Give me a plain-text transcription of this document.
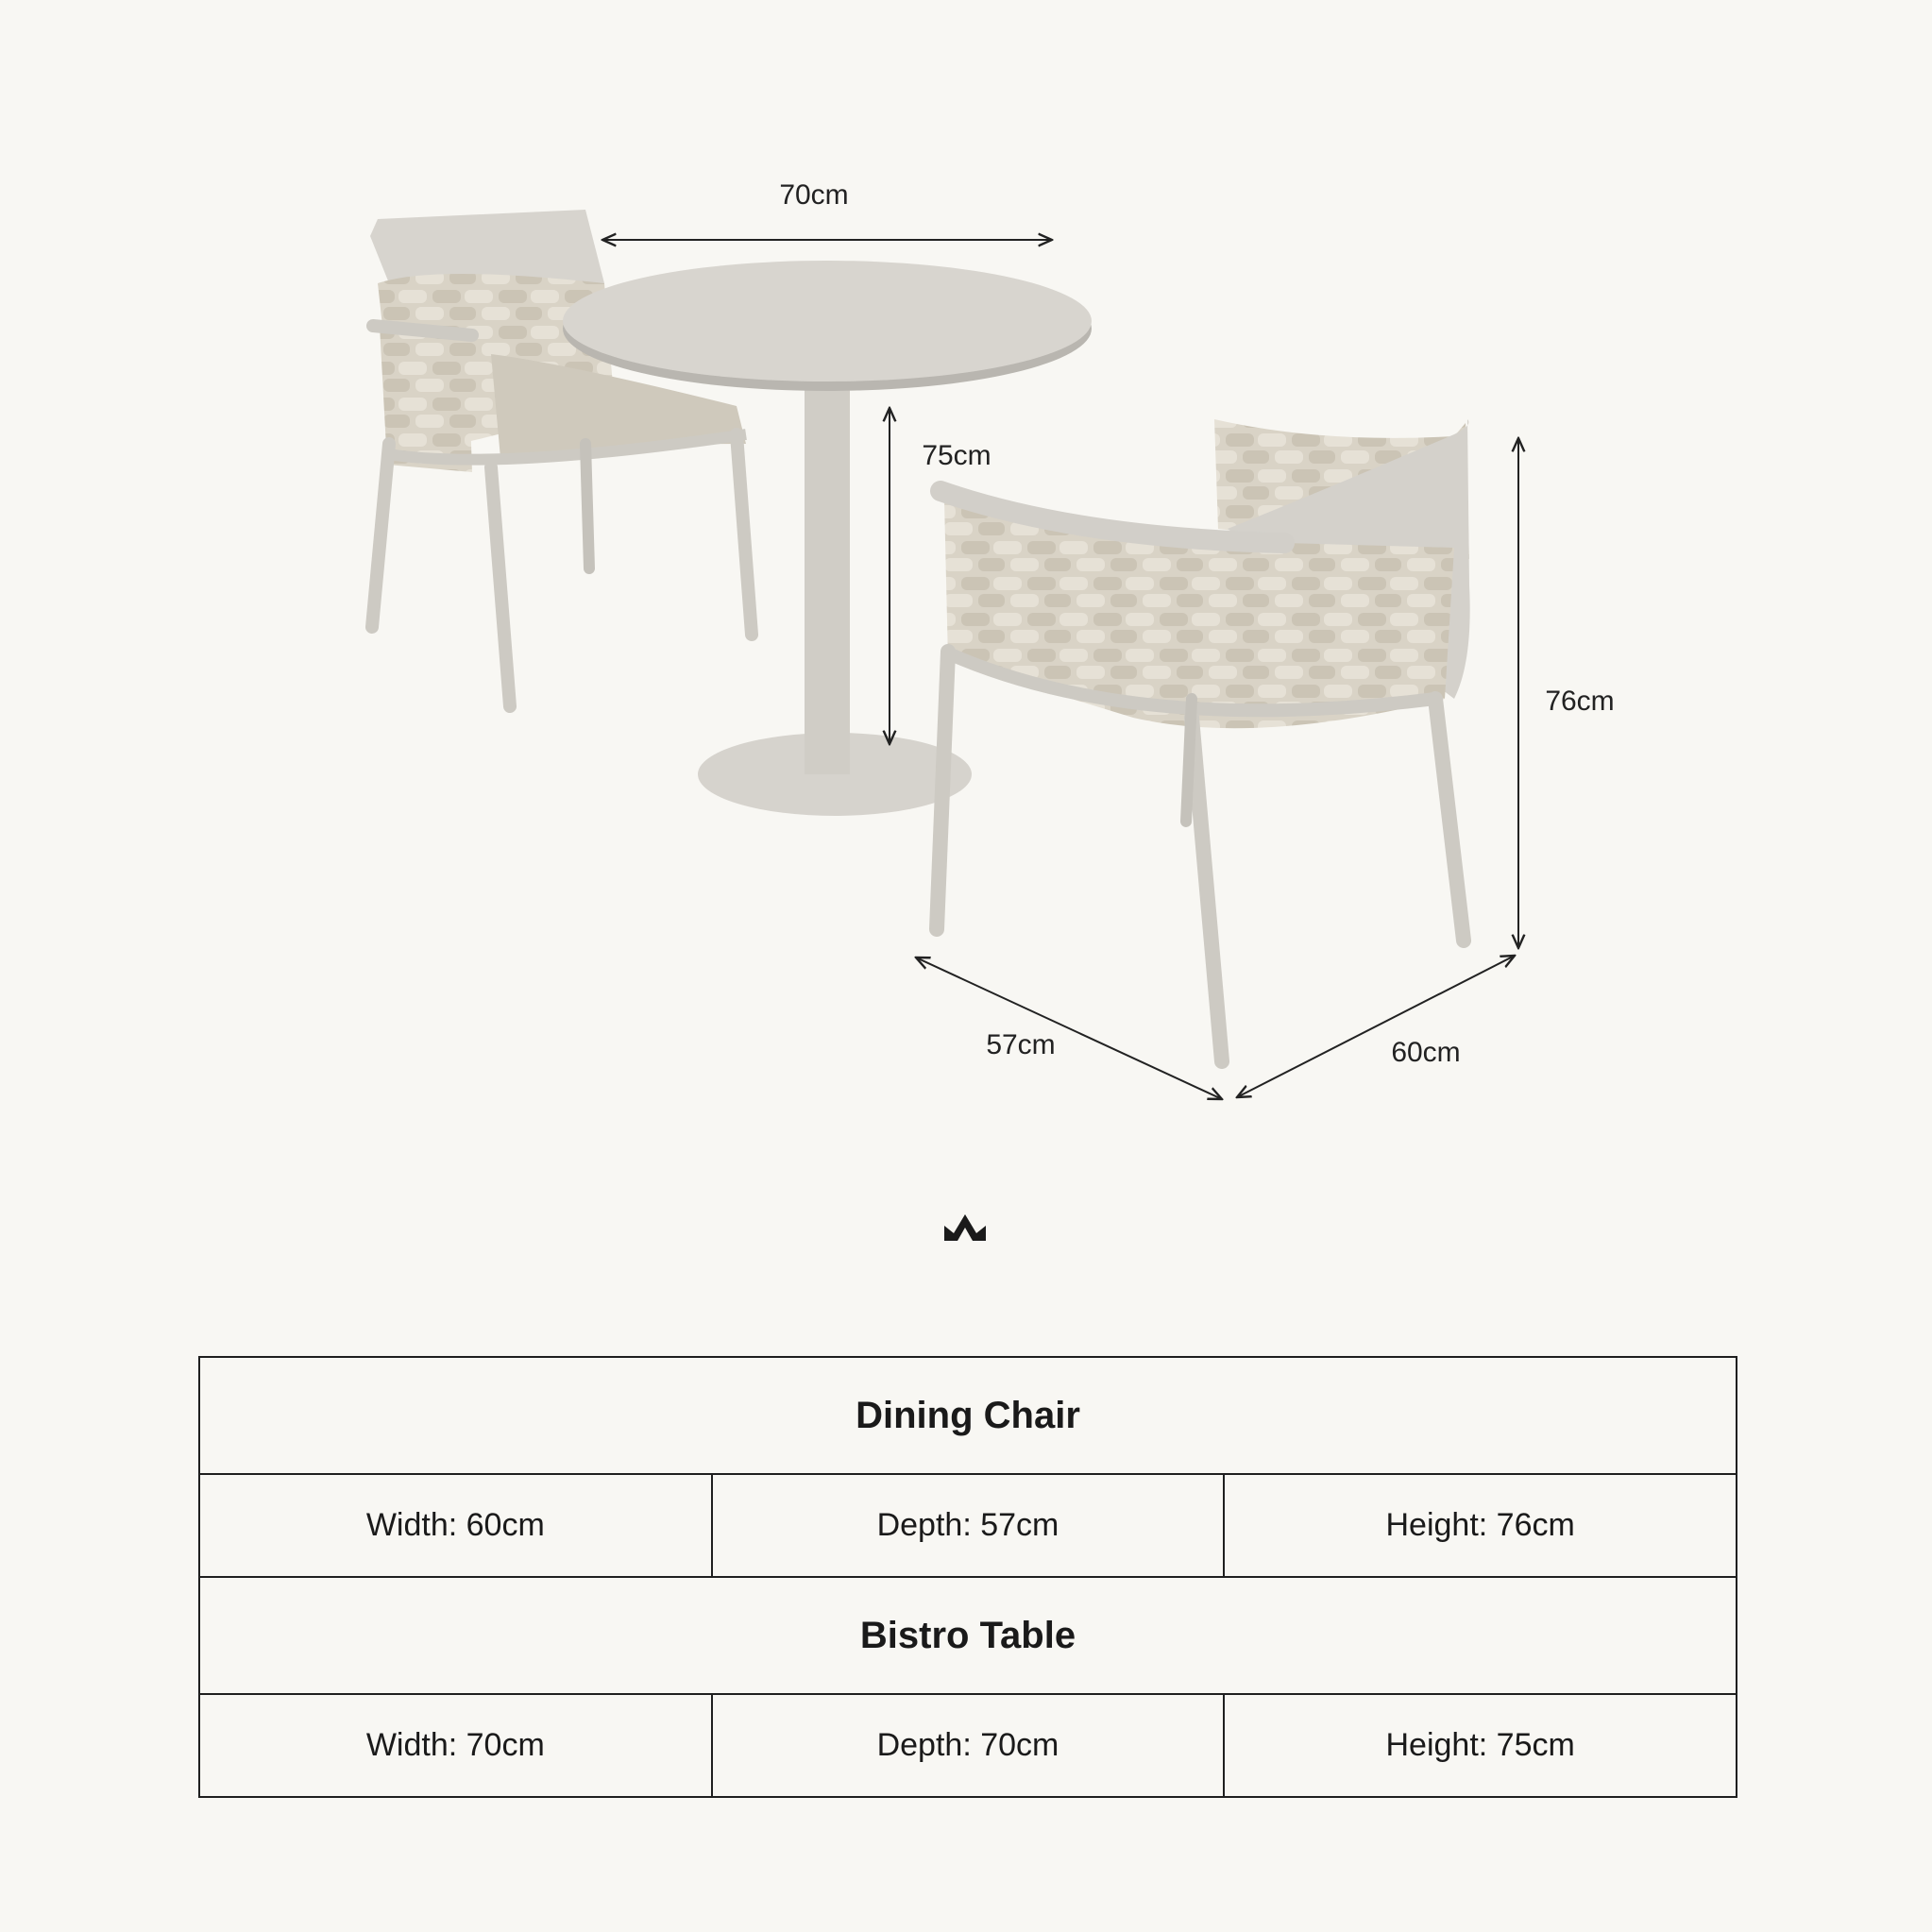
70cm
75cm
76cm
57cm	60cm
Dining Chair		
Width: 60cm	Depth: 57cm	Height: 76cm
Bistro Table		
Width: 70cm	Depth: 70cm	Height: 75cm
